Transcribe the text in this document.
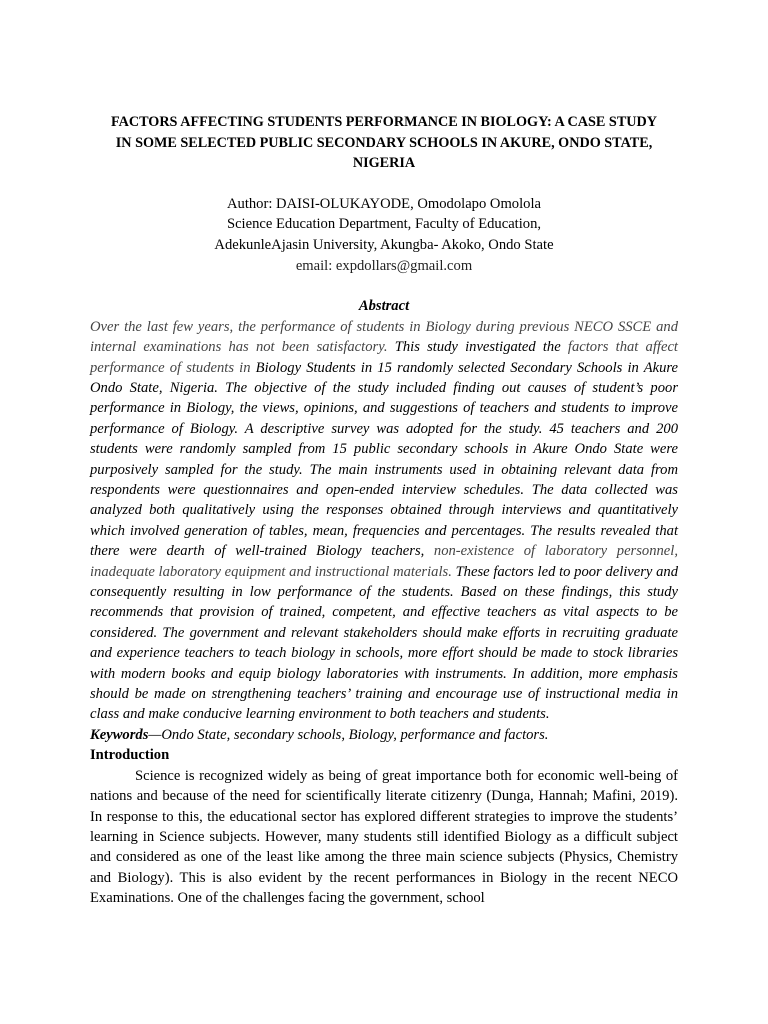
FACTORS AFFECTING STUDENTS PERFORMANCE IN BIOLOGY: A CASE STUDY IN SOME SELECTED PUBLIC SECONDARY SCHOOLS IN AKURE, ONDO STATE, NIGERIA
Author: DAISI-OLUKAYODE, Omodolapo Omolola
Science Education Department, Faculty of Education,
AdekunleAjasin University, Akungba- Akoko, Ondo State
email: expdollars@gmail.com
Abstract
Over the last few years, the performance of students in Biology during previous NECO SSCE and internal examinations has not been satisfactory. This study investigated the factors that affect performance of students in Biology Students in 15 randomly selected Secondary Schools in Akure Ondo State, Nigeria. The objective of the study included finding out causes of student’s poor performance in Biology, the views, opinions, and suggestions of teachers and students to improve performance of Biology. A descriptive survey was adopted for the study. 45 teachers and 200 students were randomly sampled from 15 public secondary schools in Akure Ondo State were purposively sampled for the study. The main instruments used in obtaining relevant data from respondents were questionnaires and open-ended interview schedules. The data collected was analyzed both qualitatively using the responses obtained through interviews and quantitatively which involved generation of tables, mean, frequencies and percentages. The results revealed that there were dearth of well-trained Biology teachers, non-existence of laboratory personnel, inadequate laboratory equipment and instructional materials. These factors led to poor delivery and consequently resulting in low performance of the students. Based on these findings, this study recommends that provision of trained, competent, and effective teachers as vital aspects to be considered. The government and relevant stakeholders should make efforts in recruiting graduate and experience teachers to teach biology in schools, more effort should be made to stock libraries with modern books and equip biology laboratories with instruments. In addition, more emphasis should be made on strengthening teachers’ training and encourage use of instructional media in class and make conducive learning environment to both teachers and students.
Keywords—Ondo State, secondary schools, Biology, performance and factors.
Introduction
Science is recognized widely as being of great importance both for economic well-being of nations and because of the need for scientifically literate citizenry (Dunga, Hannah; Mafini, 2019). In response to this, the educational sector has explored different strategies to improve the students’ learning in Science subjects. However, many students still identified Biology as a difficult subject and considered as one of the least like among the three main science subjects (Physics, Chemistry and Biology). This is also evident by the recent performances in Biology in the recent NECO Examinations. One of the challenges facing the government, school
